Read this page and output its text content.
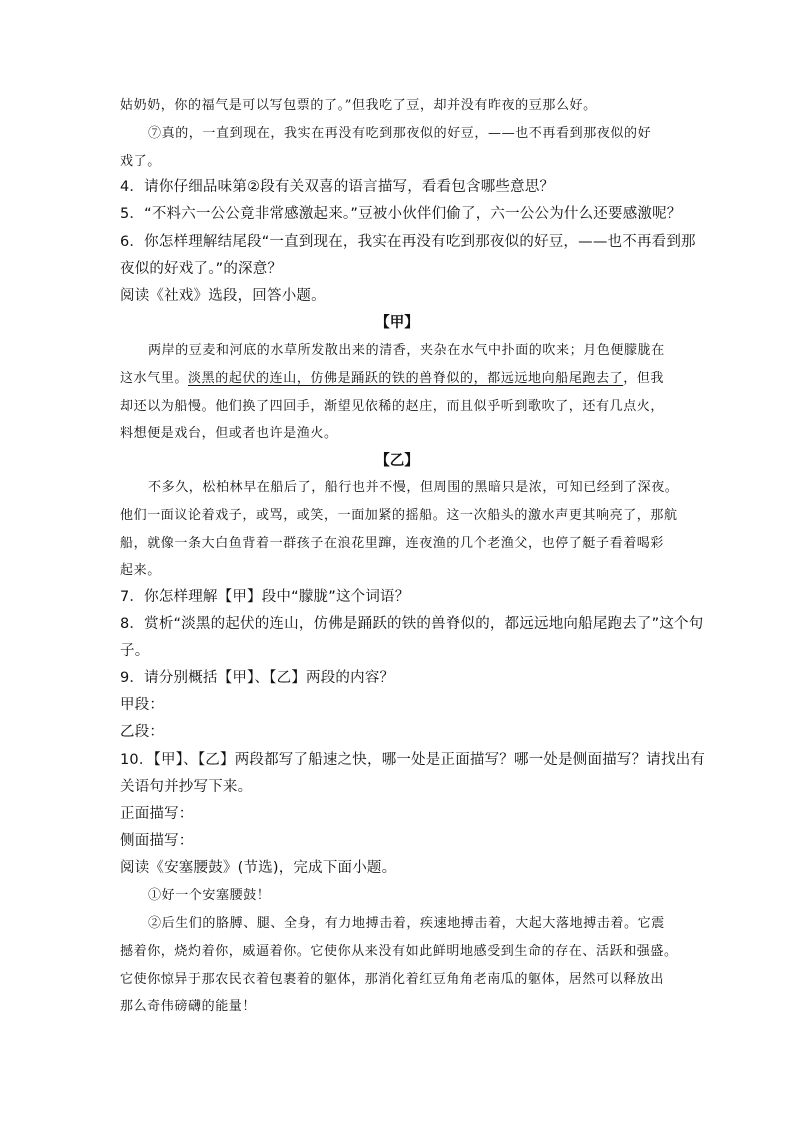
姑奶奶，你的福气是可以写包票的了。”但我吃了豆，却并没有昨夜的豆那么好。
⑦真的，一直到现在，我实在再没有吃到那夜似的好豆，——也不再看到那夜似的好
戏了。
4．请你仔细品味第②段有关双喜的语言描写，看看包含哪些意思？
5．“不料六一公公竟非常感激起来。”豆被小伙伴们偷了，六一公公为什么还要感激呢？
6．你怎样理解结尾段“一直到现在，我实在再没有吃到那夜似的好豆，——也不再看到那
夜似的好戏了。”的深意？
阅读《社戏》选段，回答小题。
【甲】
两岸的豆麦和河底的水草所发散出来的清香，夹杂在水气中扑面的吹来；月色便朦胧在
这水气里。淡黑的起伏的连山，仿佛是踊跃的铁的兽脊似的，都远远地向船尾跑去了，但我
却还以为船慢。他们换了四回手，渐望见依稀的赵庄，而且似乎听到歌吹了，还有几点火，
料想便是戏台，但或者也许是渔火。
【乙】
不多久，松柏林早在船后了，船行也并不慢，但周围的黑暗只是浓，可知已经到了深夜。
他们一面议论着戏子，或骂，或笑，一面加紧的摇船。这一次船头的激水声更其响亮了，那航
船，就像一条大白鱼背着一群孩子在浪花里蹿，连夜渔的几个老渔父，也停了艇子看着喝彩
起来。
7．你怎样理解【甲】段中“朦胧”这个词语？
8．赏析“淡黑的起伏的连山，仿佛是踊跃的铁的兽脊似的，都远远地向船尾跑去了”这个句
子。
9．请分别概括【甲】、【乙】两段的内容？
甲段：
乙段：
10．【甲】、【乙】两段都写了船速之快，哪一处是正面描写？哪一处是侧面描写？请找出有
关语句并抄写下来。
正面描写：
侧面描写：
阅读《安塞腰鼓》(节选)，完成下面小题。
①好一个安塞腰鼓！
②后生们的胳膊、腿、全身，有力地搏击着，疾速地搏击着，大起大落地搏击着。它震
撼着你，烧灼着你，威逼着你。它使你从来没有如此鲜明地感受到生命的存在、活跃和强盛。
它使你惊异于那农民衣着包裹着的躯体，那消化着红豆角角老南瓜的躯体，居然可以释放出
那么奇伟磅礴的能量！
